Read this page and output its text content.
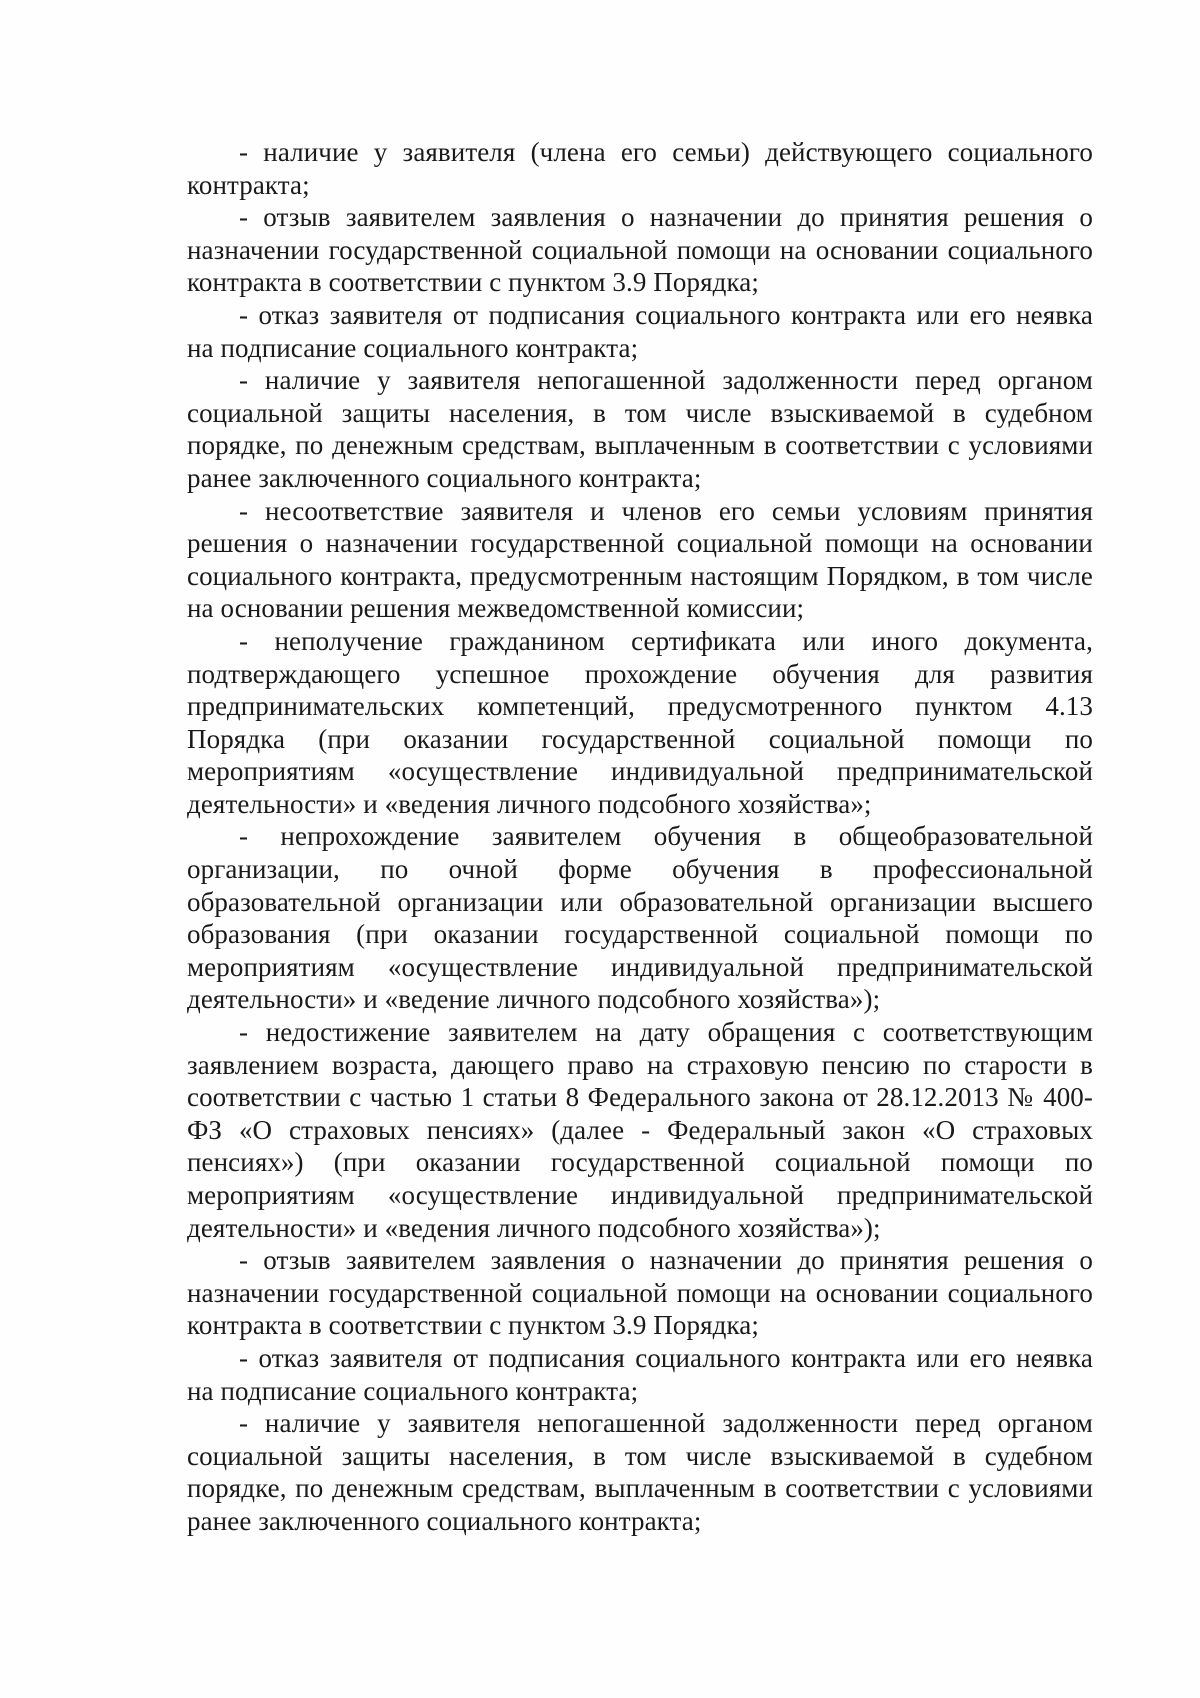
- наличие у заявителя (члена его семьи) действующего социального контракта;

- отзыв заявителем заявления о назначении до принятия решения о назначении государственной социальной помощи на основании социального контракта в соответствии с пунктом 3.9 Порядка;

- отказ заявителя от подписания социального контракта или его неявка на подписание социального контракта;

- наличие у заявителя непогашенной задолженности перед органом социальной защиты населения, в том числе взыскиваемой в судебном порядке, по денежным средствам, выплаченным в соответствии с условиями ранее заключенного социального контракта;

- несоответствие заявителя и членов его семьи условиям принятия решения о назначении государственной социальной помощи на основании социального контракта, предусмотренным настоящим Порядком, в том числе на основании решения межведомственной комиссии;

- неполучение гражданином сертификата или иного документа, подтверждающего успешное прохождение обучения для развития предпринимательских компетенций, предусмотренного пунктом 4.13 Порядка (при оказании государственной социальной помощи по мероприятиям «осуществление индивидуальной предпринимательской деятельности» и «ведения личного подсобного хозяйства»;

- непрохождение заявителем обучения в общеобразовательной организации, по очной форме обучения в профессиональной образовательной организации или образовательной организации высшего образования (при оказании государственной социальной помощи по мероприятиям «осуществление индивидуальной предпринимательской деятельности» и «ведение личного подсобного хозяйства»);

- недостижение заявителем на дату обращения с соответствующим заявлением возраста, дающего право на страховую пенсию по старости в соответствии с частью 1 статьи 8 Федерального закона от 28.12.2013 № 400-ФЗ «О страховых пенсиях» (далее - Федеральный закон «О страховых пенсиях») (при оказании государственной социальной помощи по мероприятиям «осуществление индивидуальной предпринимательской деятельности» и «ведения личного подсобного хозяйства»);

- отзыв заявителем заявления о назначении до принятия решения о назначении государственной социальной помощи на основании социального контракта в соответствии с пунктом 3.9 Порядка;

- отказ заявителя от подписания социального контракта или его неявка на подписание социального контракта;

- наличие у заявителя непогашенной задолженности перед органом социальной защиты населения, в том числе взыскиваемой в судебном порядке, по денежным средствам, выплаченным в соответствии с условиями ранее заключенного социального контракта;
